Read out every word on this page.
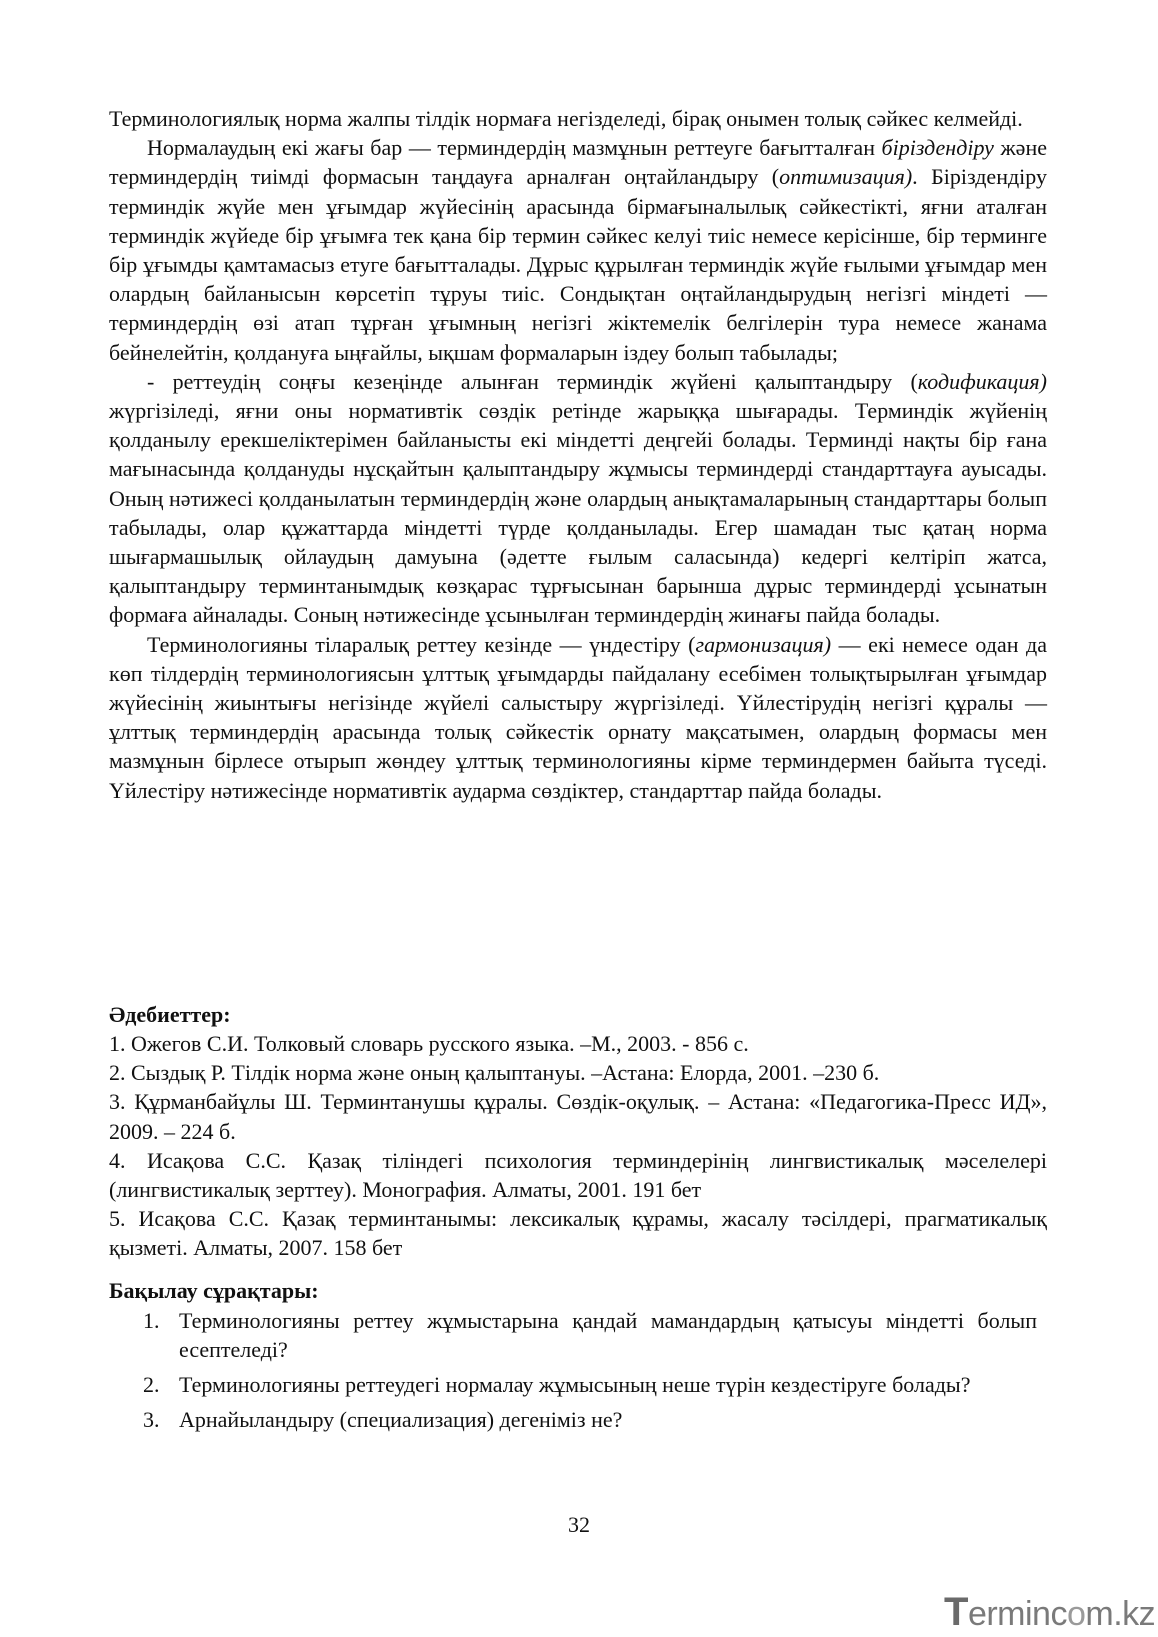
Терминологиялық норма жалпы тілдік нормаға негізделеді, бірақ онымен толық сәйкес келмейді.

Нормалаудың екі жағы бар — терминдердің мазмұнын реттеуге бағытталған біріздендіру және терминдердің тиімді формасын таңдауға арналған оңтайландыру (оптимизация). Біріздендіру терминдік жүйе мен ұғымдар жүйесінің арасында бірмағыналылық сәйкестікті, яғни аталған терминдік жүйеде бір ұғымға тек қана бір термин сәйкес келуі тиіс немесе керісінше, бір терминге бір ұғымды қамтамасыз етуге бағытталады. Дұрыс құрылған терминдік жүйе ғылыми ұғымдар мен олардың байланысын көрсетіп тұруы тиіс. Сондықтан оңтайландырудың негізгі міндеті — терминдердің өзі атап тұрған ұғымның негізгі жіктемелік белгілерін тура немесе жанама бейнелейтін, қолдануға ыңғайлы, ықшам формаларын іздеу болып табылады;

- реттеудің соңғы кезеңінде алынған терминдік жүйені қалыптандыру (кодификация) жүргізіледі, яғни оны нормативтік сөздік ретінде жарыққа шығарады. Терминдік жүйенің қолданылу ерекшеліктерімен байланысты екі міндетті деңгейі болады. Терминді нақты бір ғана мағынасында қолдануды нұсқайтын қалыптандыру жұмысы терминдерді стандарттауға ауысады. Оның нәтижесі қолданылатын терминдердің және олардың анықтамаларының стандарттары болып табылады, олар құжаттарда міндетті түрде қолданылады. Егер шамадан тыс қатаң норма шығармашылық ойлаудың дамуына (әдетте ғылым саласында) кедергі келтіріп жатса, қалыптандыру терминтанымдық көзқарас тұрғысынан барынша дұрыс терминдерді ұсынатын формаға айналады. Соның нәтижесінде ұсынылған терминдердің жинағы пайда болады.

Терминологияны тіларалық реттеу кезінде — үндестіру (гармонизация) — екі немесе одан да көп тілдердің терминологиясын ұлттық ұғымдарды пайдалану есебімен толықтырылған ұғымдар жүйесінің жиынтығы негізінде жүйелі салыстыру жүргізіледі. Үйлестірудің негізгі құралы — ұлттық терминдердің арасында толық сәйкестік орнату мақсатымен, олардың формасы мен мазмұнын бірлесе отырып жөндеу ұлттық терминологияны кірме терминдермен байыта түседі. Үйлестіру нәтижесінде нормативтік аударма сөздіктер, стандарттар пайда болады.

Әдебиеттер:
1. Ожегов С.И. Толковый словарь русского языка. –М., 2003. - 856 с.
2. Сыздық Р. Тілдік норма және оның қалыптануы. –Астана: Елорда, 2001. –230 б.
3. Құрманбайұлы Ш. Терминтанушы құралы. Сөздік-оқулық. – Астана: «Педагогика-Пресс ИД», 2009. – 224 б.
4. Исақова С.С. Қазақ тіліндегі психология терминдерінің лингвистикалық мәселелері (лингвистикалық зерттеу). Монография. Алматы, 2001. 191 бет
5. Исақова С.С. Қазақ терминтанымы: лексикалық құрамы, жасалу тәсілдері, прагматикалық қызметі. Алматы, 2007. 158 бет
Бақылау сұрақтары:
1. Терминологияны реттеу жұмыстарына қандай мамандардың қатысуы міндетті болып есептеледі?
2. Терминологияны реттеудегі нормалау жұмысының неше түрін кездестіруге болады?
3. Арнайыландыру (специализация) дегеніміз не?
32
Termincom.kz
